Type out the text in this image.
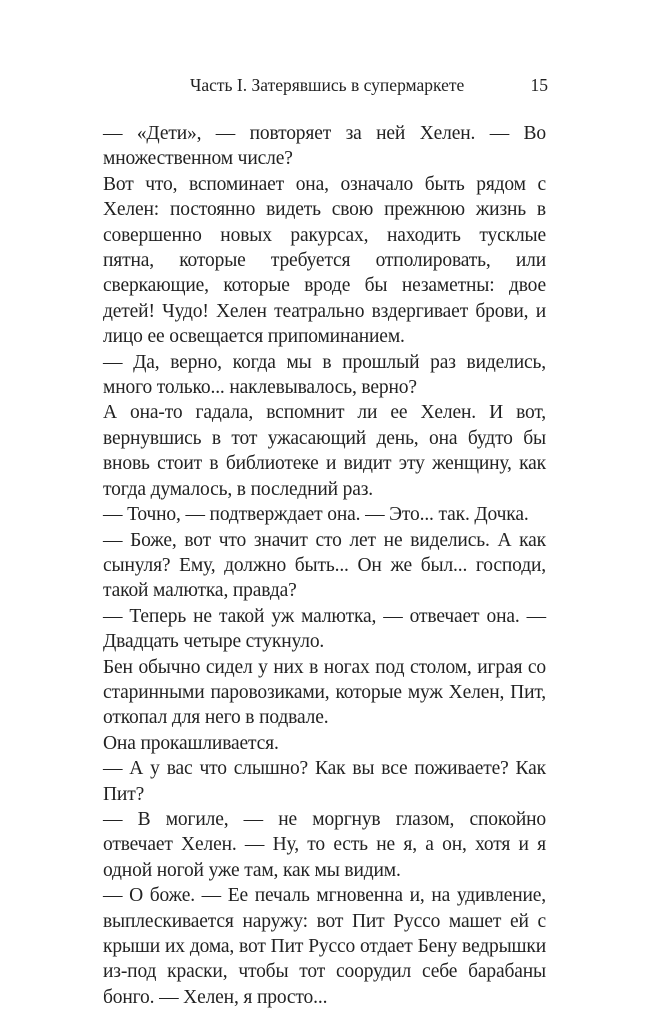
Часть I. Затерявшись в супермаркете	15

— «Дети», — повторяет за ней Хелен. — Во множественном числе?

Вот что, вспоминает она, означало быть рядом с Хелен: постоянно видеть свою прежнюю жизнь в совершенно новых ракурсах, находить тусклые пятна, которые требуется отполировать, или сверкающие, которые вроде бы незаметны: двое детей! Чудо! Хелен театрально вздергивает брови, и лицо ее освещается припоминанием.

— Да, верно, когда мы в прошлый раз виделись, много только... наклевывалось, верно?

А она-то гадала, вспомнит ли ее Хелен. И вот, вернувшись в тот ужасающий день, она будто бы вновь стоит в библиотеке и видит эту женщину, как тогда думалось, в последний раз.

— Точно, — подтверждает она. — Это... так. Дочка.

— Боже, вот что значит сто лет не виделись. А как сынуля? Ему, должно быть... Он же был... господи, такой малютка, правда?

— Теперь не такой уж малютка, — отвечает она. — Двадцать четыре стукнуло.

Бен обычно сидел у них в ногах под столом, играя со старинными паровозиками, которые муж Хелен, Пит, откопал для него в подвале.

Она прокашливается.

— А у вас что слышно? Как вы все поживаете? Как Пит?

— В могиле, — не моргнув глазом, спокойно отвечает Хелен. — Ну, то есть не я, а он, хотя и я одной ногой уже там, как мы видим.

— О боже. — Ее печаль мгновенна и, на удивление, выплескивается наружу: вот Пит Руссо машет ей с крыши их дома, вот Пит Руссо отдает Бену ведрышки из-под краски, чтобы тот соорудил себе барабаны бонго. — Хелен, я просто...
